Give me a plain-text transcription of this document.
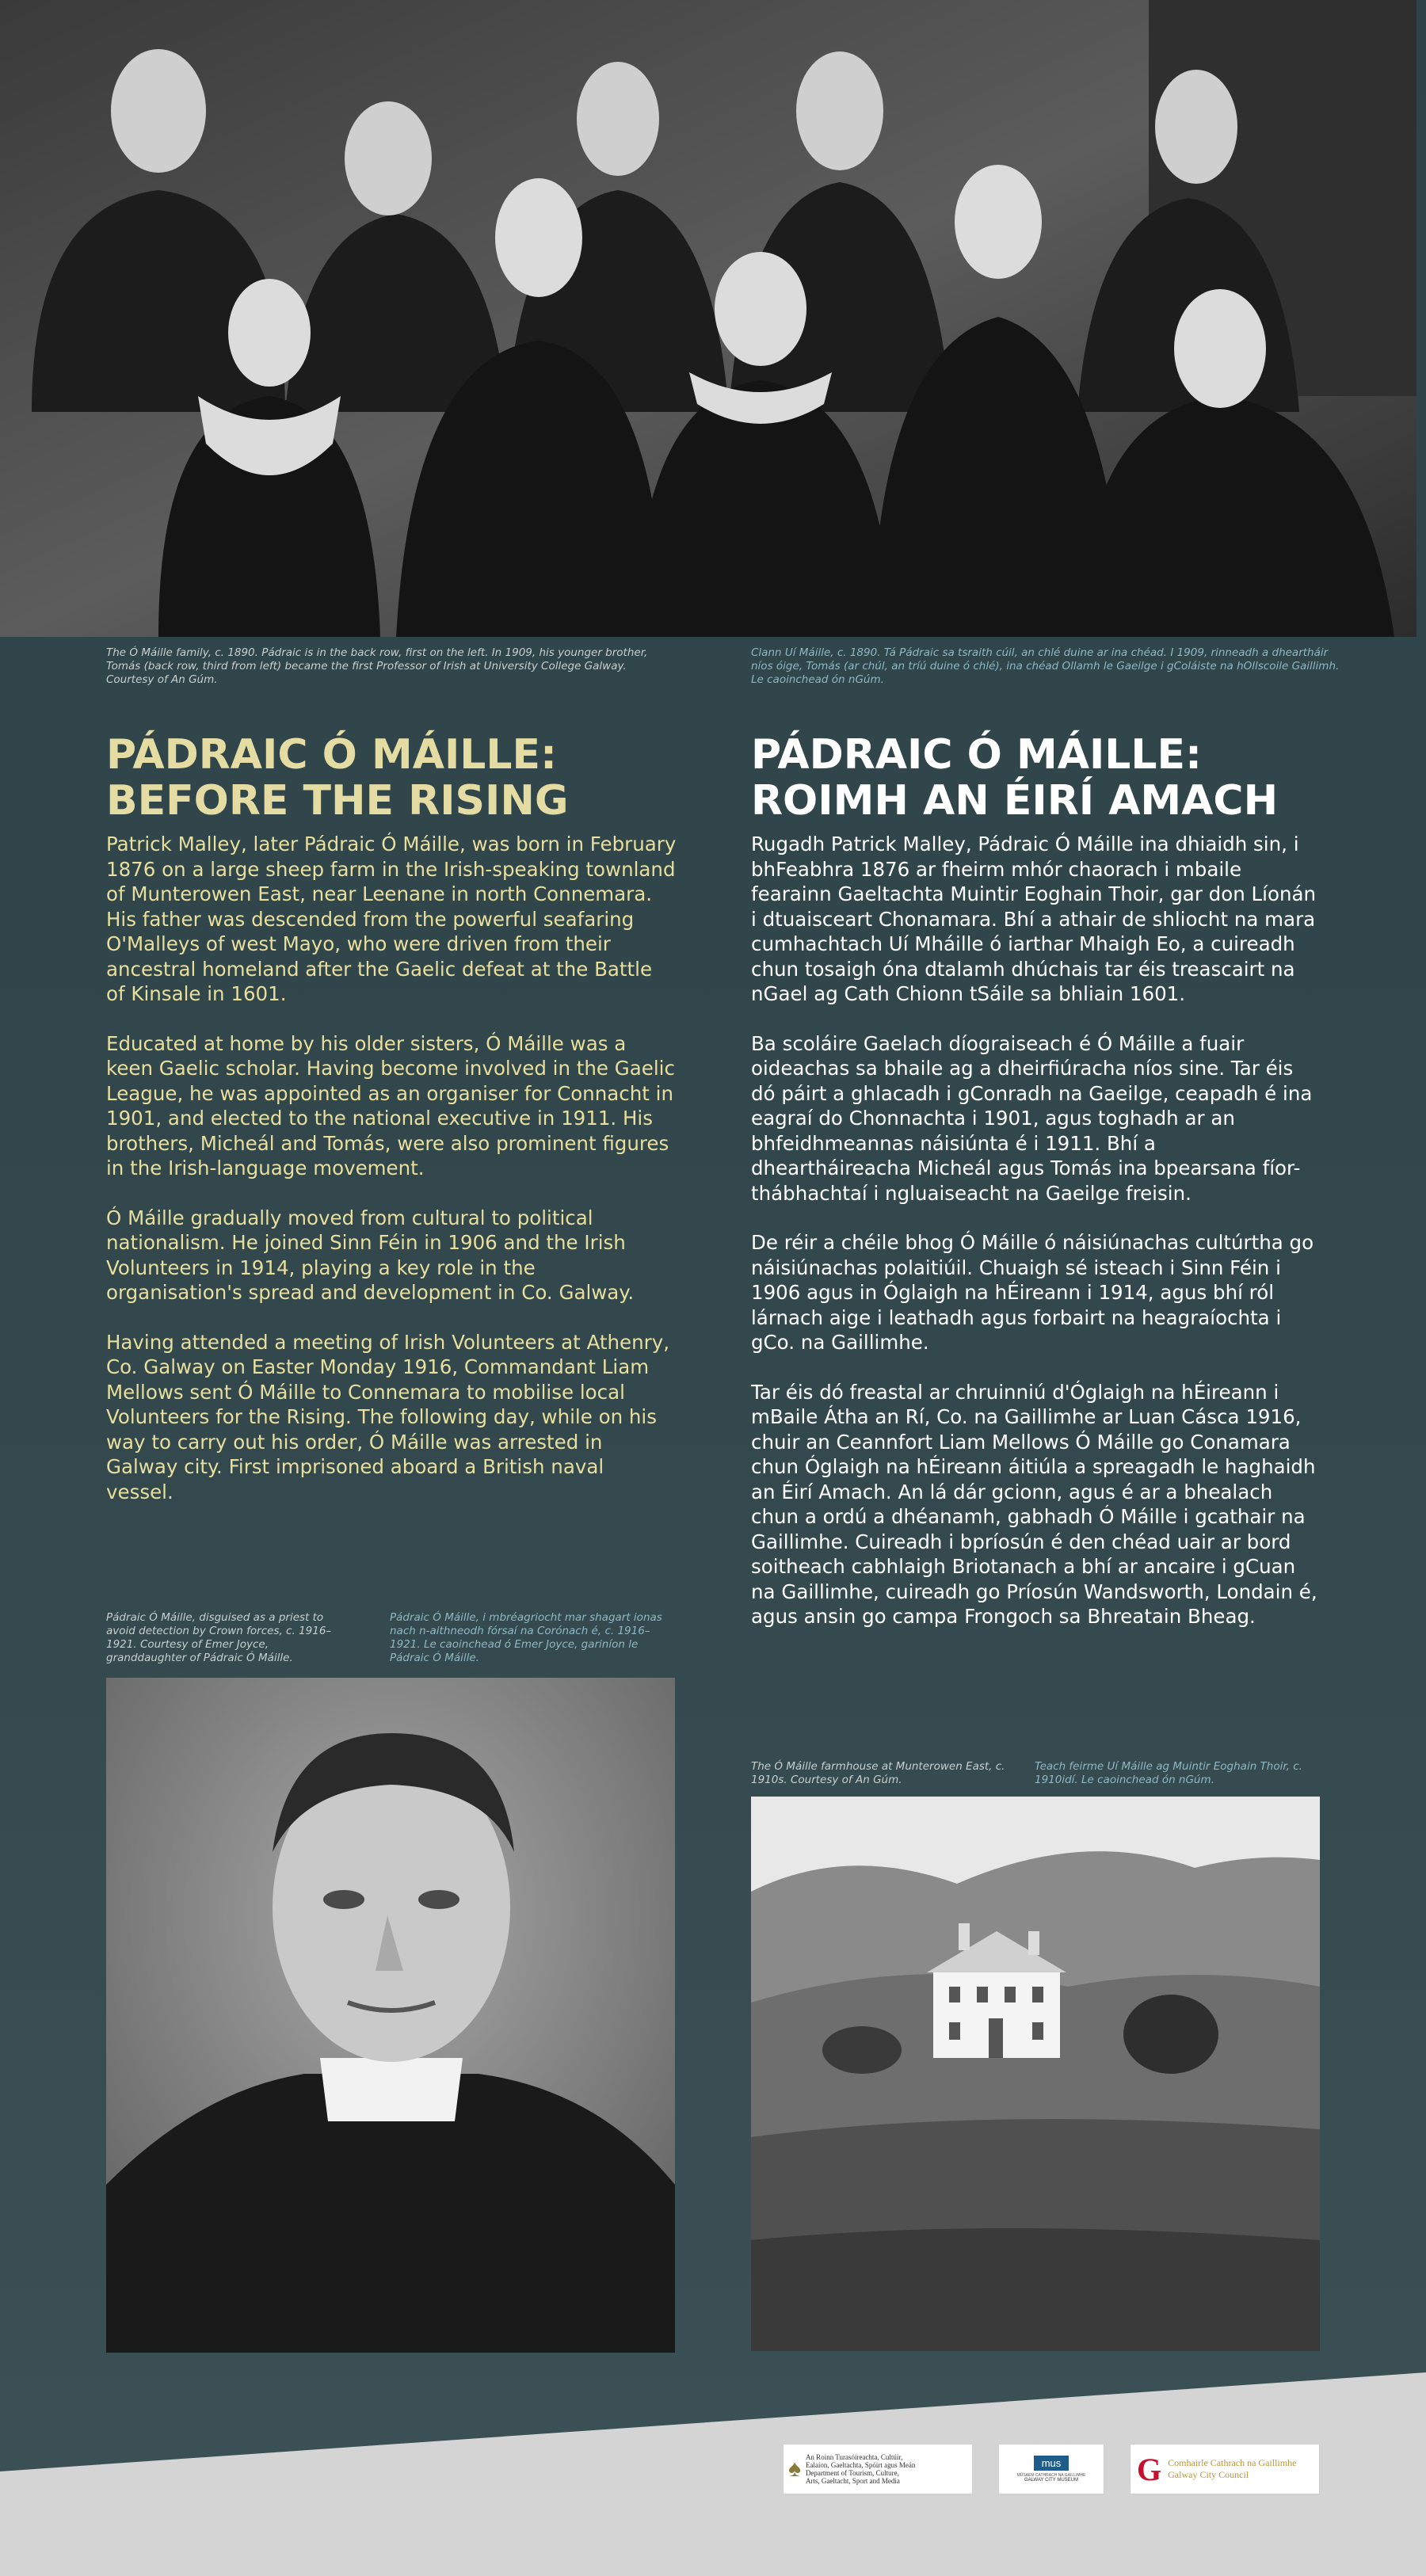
The Ó Máille family, c. 1890. Pádraic is in the back row, first on the left. In 1909, his younger brother, Tomás (back row, third from left) became the first Professor of Irish at University College Galway. Courtesy of An Gúm.
Clann Uí Máille, c. 1890. Tá Pádraic sa tsraith cúil, an chlé duine ar ina chéad. I 1909, rinneadh a dheartháir níos óige, Tomás (ar chúl, an tríú duine ó chlé), ina chéad Ollamh le Gaeilge i gColáiste na hOllscoile Gaillimh. Le caoinchead ón nGúm.
PÁDRAIC Ó MÁILLE:
BEFORE THE RISING
PÁDRAIC Ó MÁILLE:
ROIMH AN ÉIRÍ AMACH

Patrick Malley, later Pádraic Ó Máille, was born in February 1876 on a large sheep farm in the Irish-speaking townland of Munterowen East, near Leenane in north Connemara. His father was descended from the powerful seafaring O'Malleys of west Mayo, who were driven from their ancestral homeland after the Gaelic defeat at the Battle of Kinsale in 1601.

Educated at home by his older sisters, Ó Máille was a keen Gaelic scholar. Having become involved in the Gaelic League, he was appointed as an organiser for Connacht in 1901, and elected to the national executive in 1911. His brothers, Micheál and Tomás, were also prominent figures in the Irish-language movement.

Ó Máille gradually moved from cultural to political nationalism. He joined Sinn Féin in 1906 and the Irish Volunteers in 1914, playing a key role in the organisation's spread and development in Co. Galway.

Having attended a meeting of Irish Volunteers at Athenry, Co. Galway on Easter Monday 1916, Commandant Liam Mellows sent Ó Máille to Connemara to mobilise local Volunteers for the Rising. The following day, while on his way to carry out his order, Ó Máille was arrested in Galway city. First imprisoned aboard a British naval vessel.

Rugadh Patrick Malley, Pádraic Ó Máille ina dhiaidh sin, i bhFeabhra 1876 ar fheirm mhór chaorach i mbaile fearainn Gaeltachta Muintir Eoghain Thoir, gar don Líonán i dtuaisceart Chonamara. Bhí a athair de shliocht na mara cumhachtach Uí Mháille ó iarthar Mhaigh Eo, a cuireadh chun tosaigh óna dtalamh dhúchais tar éis treascairt na nGael ag Cath Chionn tSáile sa bhliain 1601.

Ba scoláire Gaelach díograiseach é Ó Máille a fuair oideachas sa bhaile ag a dheirfiúracha níos sine. Tar éis dó páirt a ghlacadh i gConradh na Gaeilge, ceapadh é ina eagraí do Chonnachta i 1901, agus toghadh ar an bhfeidhmeannas náisiúnta é i 1911. Bhí a dheartháireacha Micheál agus Tomás ina bpearsana fíor-thábhachtaí i ngluaiseacht na Gaeilge freisin.

De réir a chéile bhog Ó Máille ó náisiúnachas cultúrtha go náisiúnachas polaitiúil. Chuaigh sé isteach i Sinn Féin i 1906 agus in Óglaigh na hÉireann i 1914, agus bhí ról lárnach aige i leathadh agus forbairt na heagraíochta i gCo. na Gaillimhe.

Tar éis dó freastal ar chruinniú d'Óglaigh na hÉireann i mBaile Átha an Rí, Co. na Gaillimhe ar Luan Cásca 1916, chuir an Ceannfort Liam Mellows Ó Máille go Conamara chun Óglaigh na hÉireann áitiúla a spreagadh le haghaidh an Éirí Amach. An lá dár gcionn, agus é ar a bhealach chun a ordú a dhéanamh, gabhadh Ó Máille i gcathair na Gaillimhe. Cuireadh i bpríosún é den chéad uair ar bord soitheach cabhlaigh Briotanach a bhí ar ancaire i gCuan na Gaillimhe, cuireadh go Príosún Wandsworth, Londain é, agus ansin go campa Frongoch sa Bhreatain Bheag.

Pádraic Ó Máille, disguised as a priest to avoid detection by Crown forces, c. 1916–1921. Courtesy of Emer Joyce, granddaughter of Pádraic Ó Máille.
Pádraic Ó Máille, i mbréagriocht mar shagart ionas nach n-aithneodh fórsaí na Corónach é, c. 1916–1921. Le caoinchead ó Emer Joyce, gariníon le Pádraic Ó Máille.
The Ó Máille farmhouse at Munterowen East, c. 1910s. Courtesy of An Gúm.
Teach feirme Uí Máille ag Muintir Eoghain Thoir, c. 1910idí. Le caoinchead ón nGúm.
♠ An Roinn Turasóireachta, Cultúir,
Ealaíon, Gaeltachta, Spóirt agus Meán
Department of Tourism, Culture,
Arts, Gaeltacht, Sport and Media
mus
MÚSAEM CATHRACH NA GAILLIMHE
GALWAY CITY MUSEUM G Comhairle Cathrach na Gaillimhe
Galway City Council
